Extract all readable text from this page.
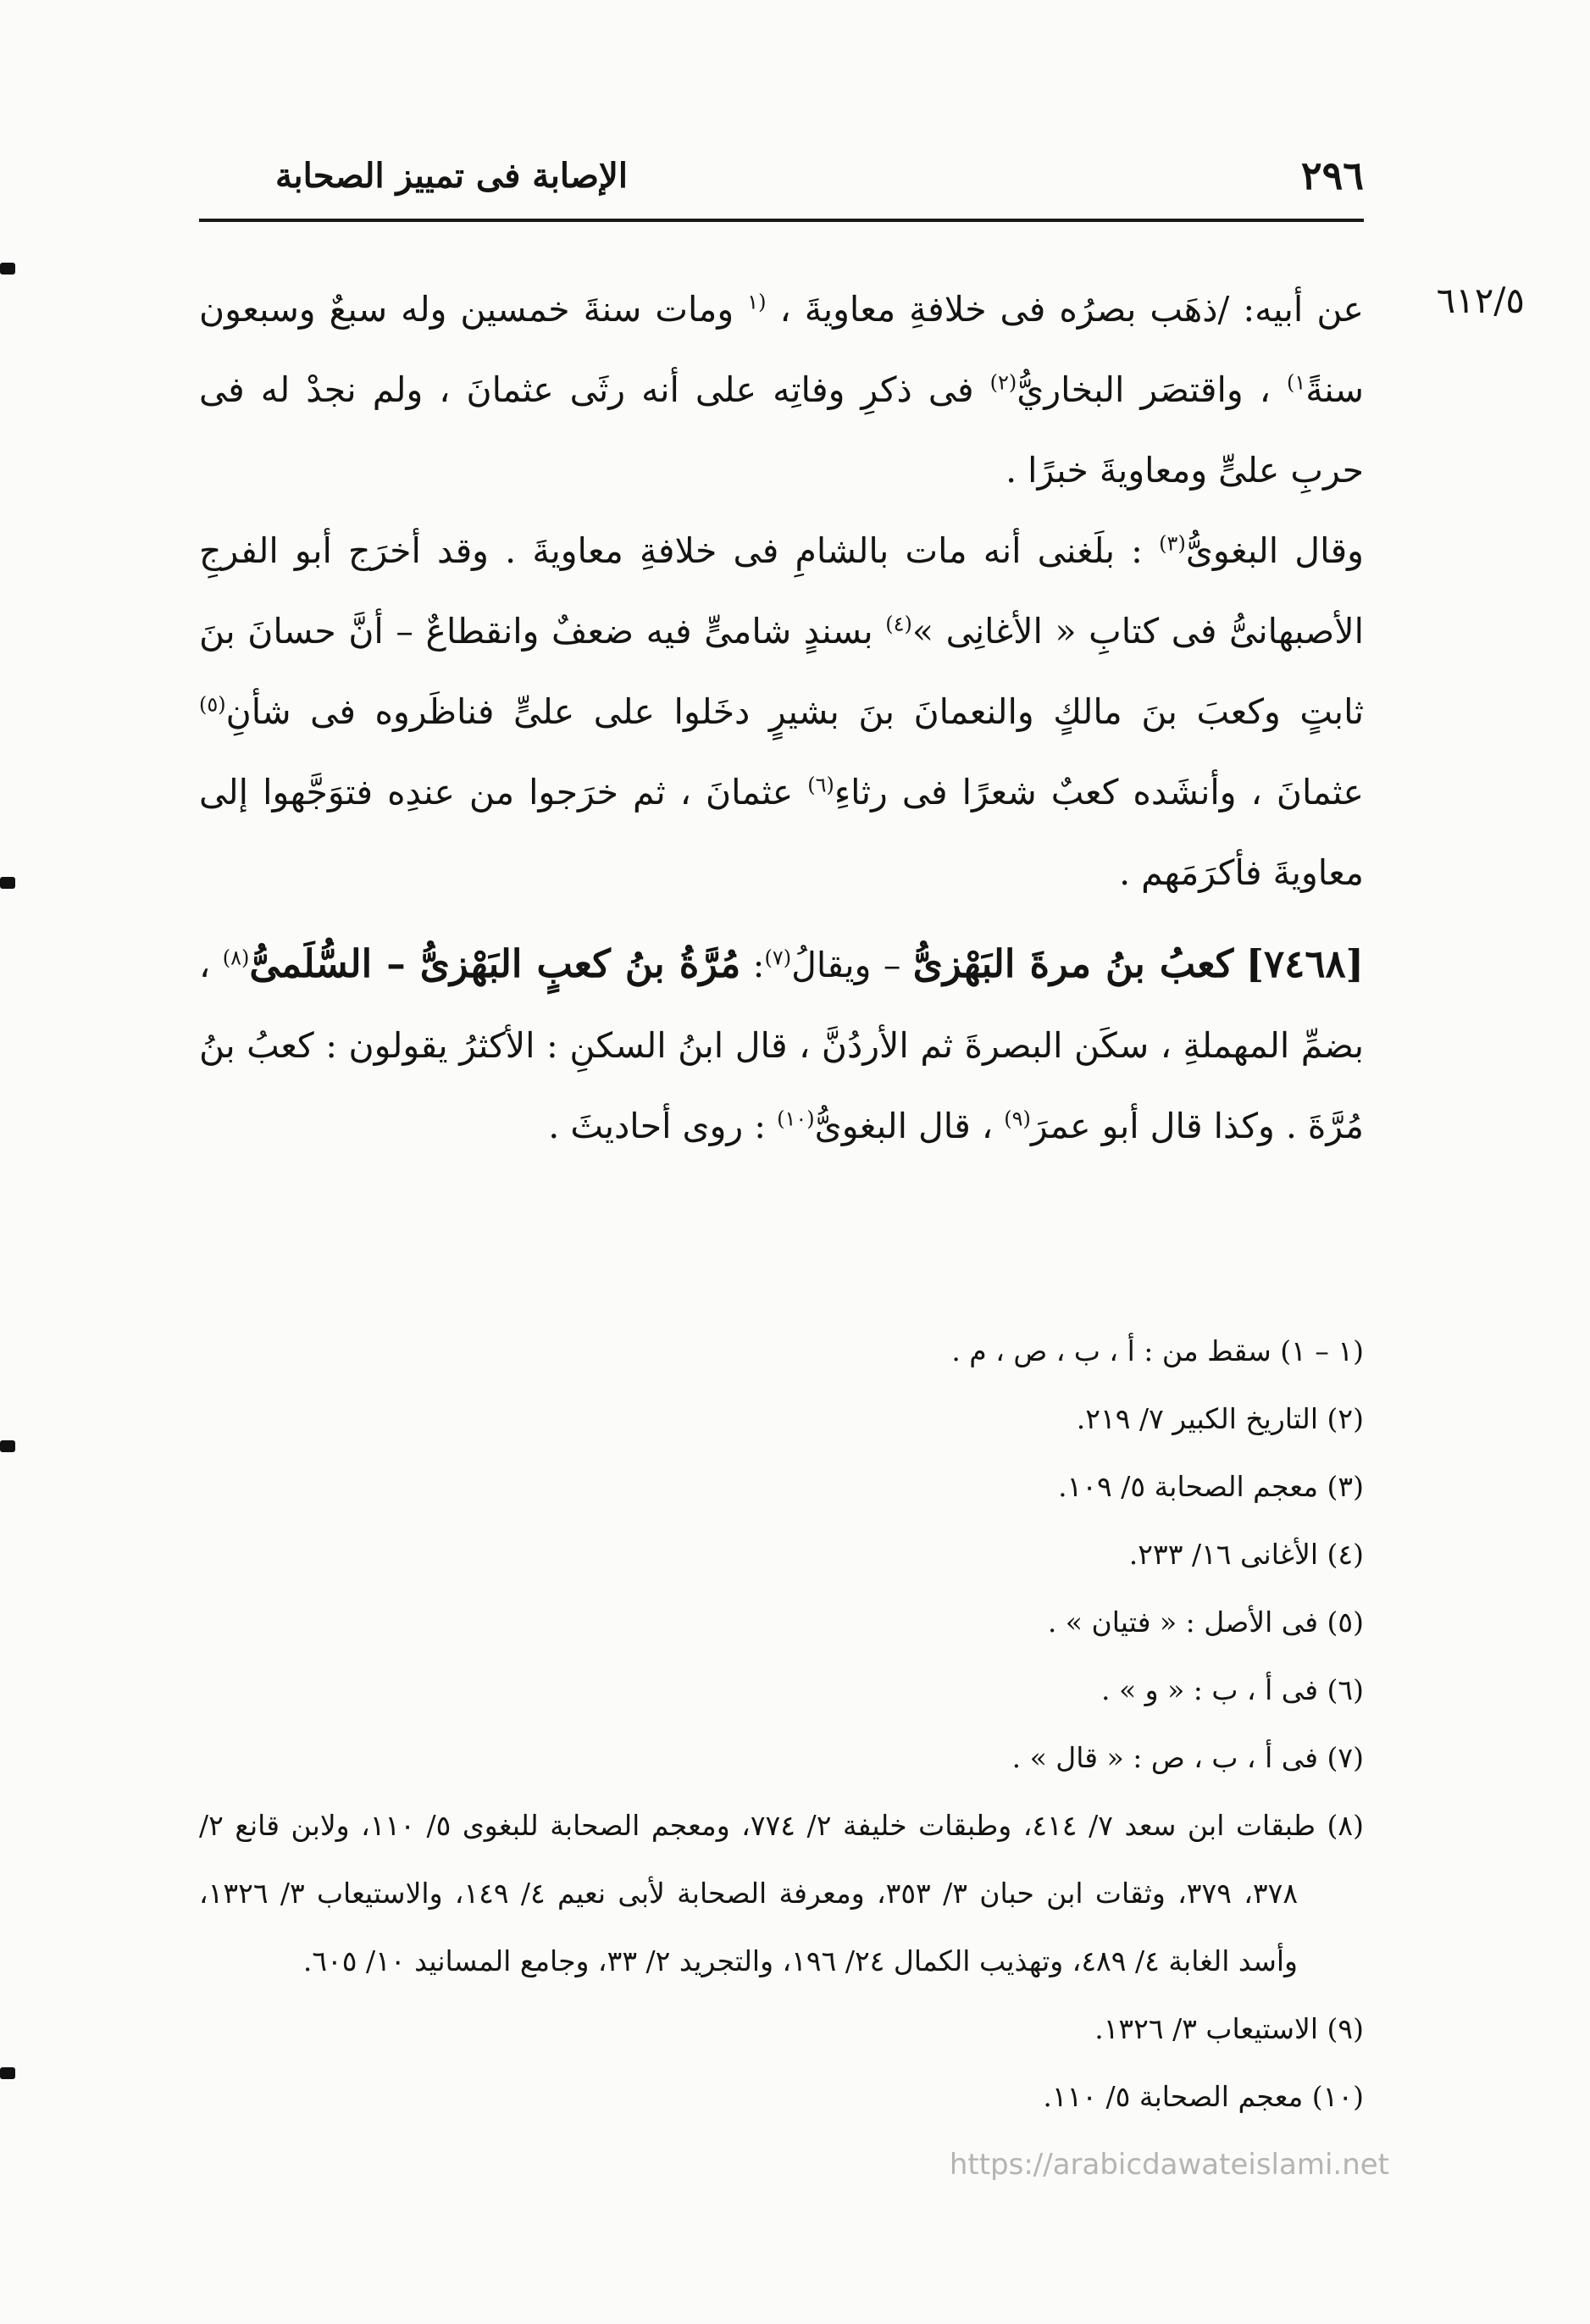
٢٩٦
الإصابة فى تمييز الصحابة
٦١٢/٥

عن أبيه: /ذهَب بصرُه فى خلافةِ معاويةَ ، $^{(١}$ ومات سنةَ خمسين وله سبعٌ وسبعون سنةً$^{١)}$ ، واقتصَر البخاريُّ$^{(٢)}$ فى ذكرِ وفاتِه على أنه رثَى عثمانَ ، ولم نجدْ له فى حربِ علىٍّ ومعاويةَ خبرًا .

وقال البغوىُّ$^{(٣)}$ : بلَغنى أنه مات بالشامِ فى خلافةِ معاويةَ . وقد أخرَج أبو الفرجِ الأصبهانىُّ فى كتابِ « الأغانِى »$^{(٤)}$ بسندٍ شامىٍّ فيه ضعفٌ وانقطاعٌ – أنَّ حسانَ بنَ ثابتٍ وكعبَ بنَ مالكٍ والنعمانَ بنَ بشيرٍ دخَلوا على علىٍّ فناظَروه فى شأنِ$^{(٥)}$ عثمانَ ، وأنشَده كعبٌ شعرًا فى رثاءِ$^{(٦)}$ عثمانَ ، ثم خرَجوا من عندِه فتوَجَّهوا إلى معاويةَ فأكرَمَهم .

[٧٤٦٨] كعبُ بنُ مرةَ البَهْزىُّ – ويقالُ$^{(٧)}$: مُرَّةُ بنُ كعبٍ البَهْزىُّ – السُّلَمىُّ$^{(٨)}$ ، بضمِّ المهملةِ ، سكَن البصرةَ ثم الأردُنَّ ، قال ابنُ السكنِ : الأكثرُ يقولون : كعبُ بنُ مُرَّةَ . وكذا قال أبو عمرَ$^{(٩)}$ ، قال البغوىُّ$^{(١٠)}$ : روى أحاديثَ .

(١ – ١) سقط من : أ ، ب ، ص ، م .
(٢) التاريخ الكبير ٧/ ٢١٩.
(٣) معجم الصحابة ٥/ ١٠٩.
(٤) الأغانى ١٦/ ٢٣٣.
(٥) فى الأصل : « فتيان » .
(٦) فى أ ، ب : « و » .
(٧) فى أ ، ب ، ص : « قال » .
(٨) طبقات ابن سعد ٧/ ٤١٤، وطبقات خليفة ٢/ ٧٧٤، ومعجم الصحابة للبغوى ٥/ ١١٠، ولابن قانع ٢/ ٣٧٨، ٣٧٩، وثقات ابن حبان ٣/ ٣٥٣، ومعرفة الصحابة لأبى نعيم ٤/ ١٤٩، والاستيعاب ٣/ ١٣٢٦، وأسد الغابة ٤/ ٤٨٩، وتهذيب الكمال ٢٤/ ١٩٦، والتجريد ٢/ ٣٣، وجامع المسانيد ١٠/ ٦٠٥.
(٩) الاستيعاب ٣/ ١٣٢٦.
(١٠) معجم الصحابة ٥/ ١١٠.
https://arabicdawateislami.net
